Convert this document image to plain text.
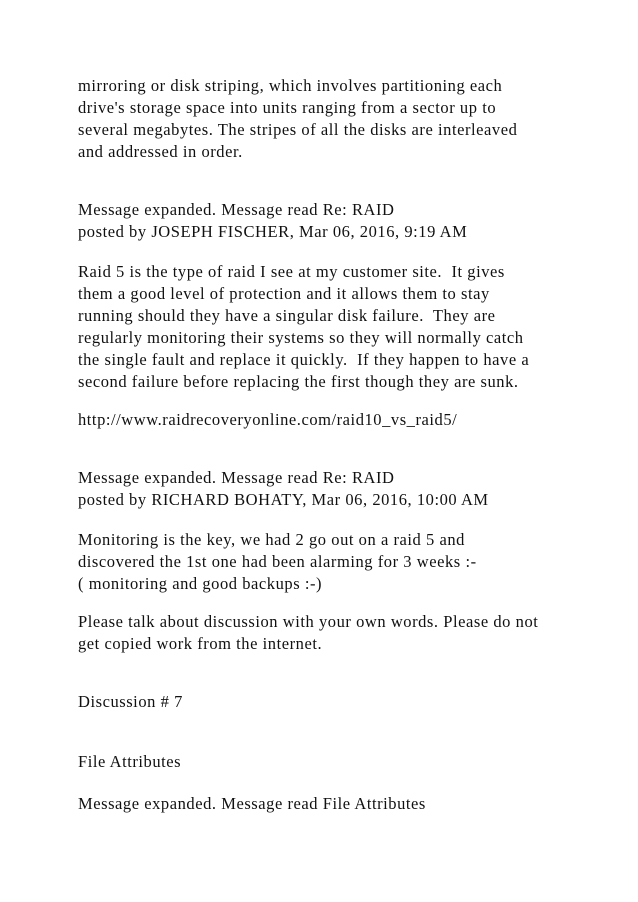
mirroring or disk striping, which involves partitioning each

drive's storage space into units ranging from a sector up to

several megabytes. The stripes of all the disks are interleaved

and addressed in order.

Message expanded. Message read Re: RAID

posted by JOSEPH FISCHER, Mar 06, 2016, 9:19 AM

Raid 5 is the type of raid I see at my customer site.  It gives

them a good level of protection and it allows them to stay

running should they have a singular disk failure.  They are

regularly monitoring their systems so they will normally catch

the single fault and replace it quickly.  If they happen to have a

second failure before replacing the first though they are sunk.

http://www.raidrecoveryonline.com/raid10_vs_raid5/

Message expanded. Message read Re: RAID

posted by RICHARD BOHATY, Mar 06, 2016, 10:00 AM

Monitoring is the key, we had 2 go out on a raid 5 and

discovered the 1st one had been alarming for 3 weeks :-

( monitoring and good backups :-)

Please talk about discussion with your own words. Please do not

get copied work from the internet.

Discussion # 7

File Attributes

Message expanded. Message read File Attributes
